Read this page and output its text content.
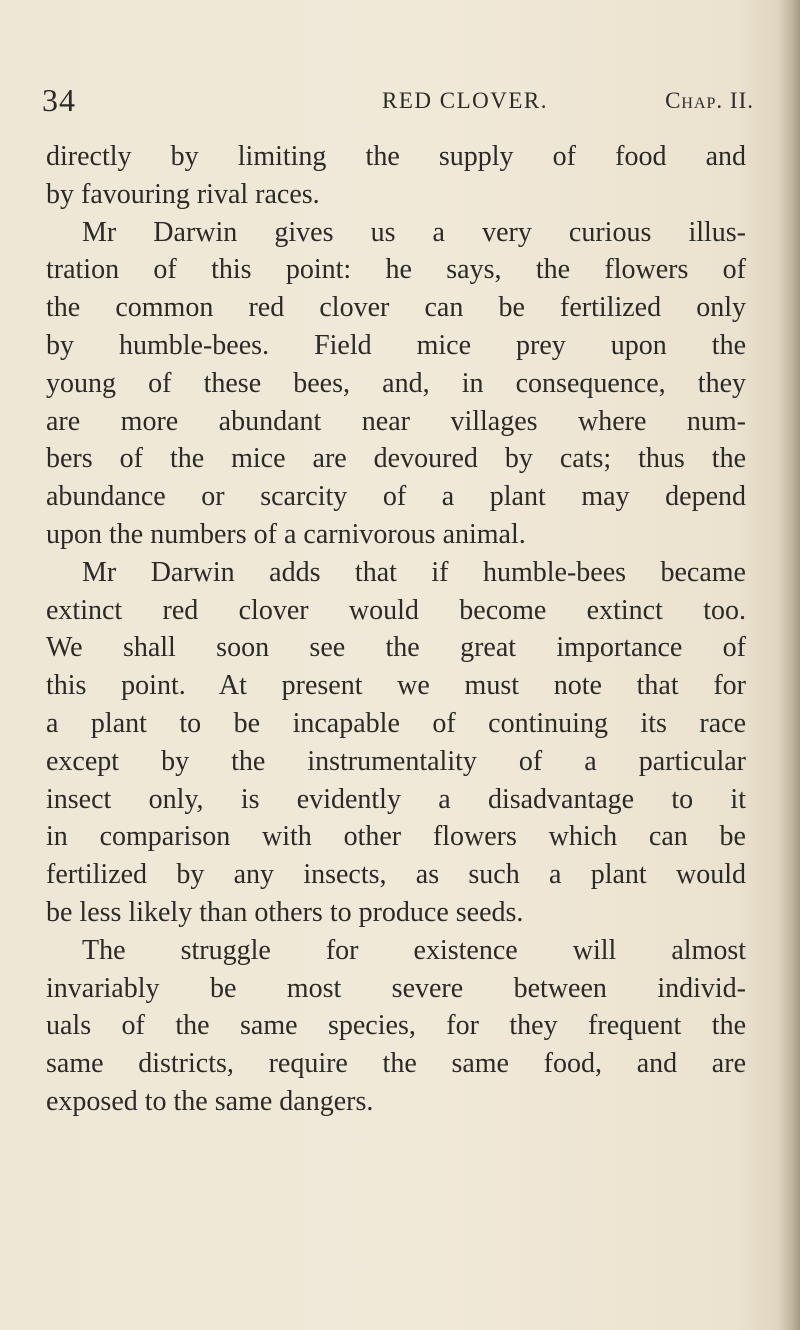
34	RED CLOVER.	Chap. II.
directly by limiting the supply of food and
by favouring rival races.
Mr Darwin gives us a very curious illus-
tration of this point: he says, the flowers of
the common red clover can be fertilized only
by humble-bees. Field mice prey upon the
young of these bees, and, in consequence, they
are more abundant near villages where num-
bers of the mice are devoured by cats; thus the
abundance or scarcity of a plant may depend
upon the numbers of a carnivorous animal.
Mr Darwin adds that if humble-bees became
extinct red clover would become extinct too.
We shall soon see the great importance of
this point. At present we must note that for
a plant to be incapable of continuing its race
except by the instrumentality of a particular
insect only, is evidently a disadvantage to it
in comparison with other flowers which can be
fertilized by any insects, as such a plant would
be less likely than others to produce seeds.
The struggle for existence will almost
invariably be most severe between individ-
uals of the same species, for they frequent the
same districts, require the same food, and are
exposed to the same dangers.
